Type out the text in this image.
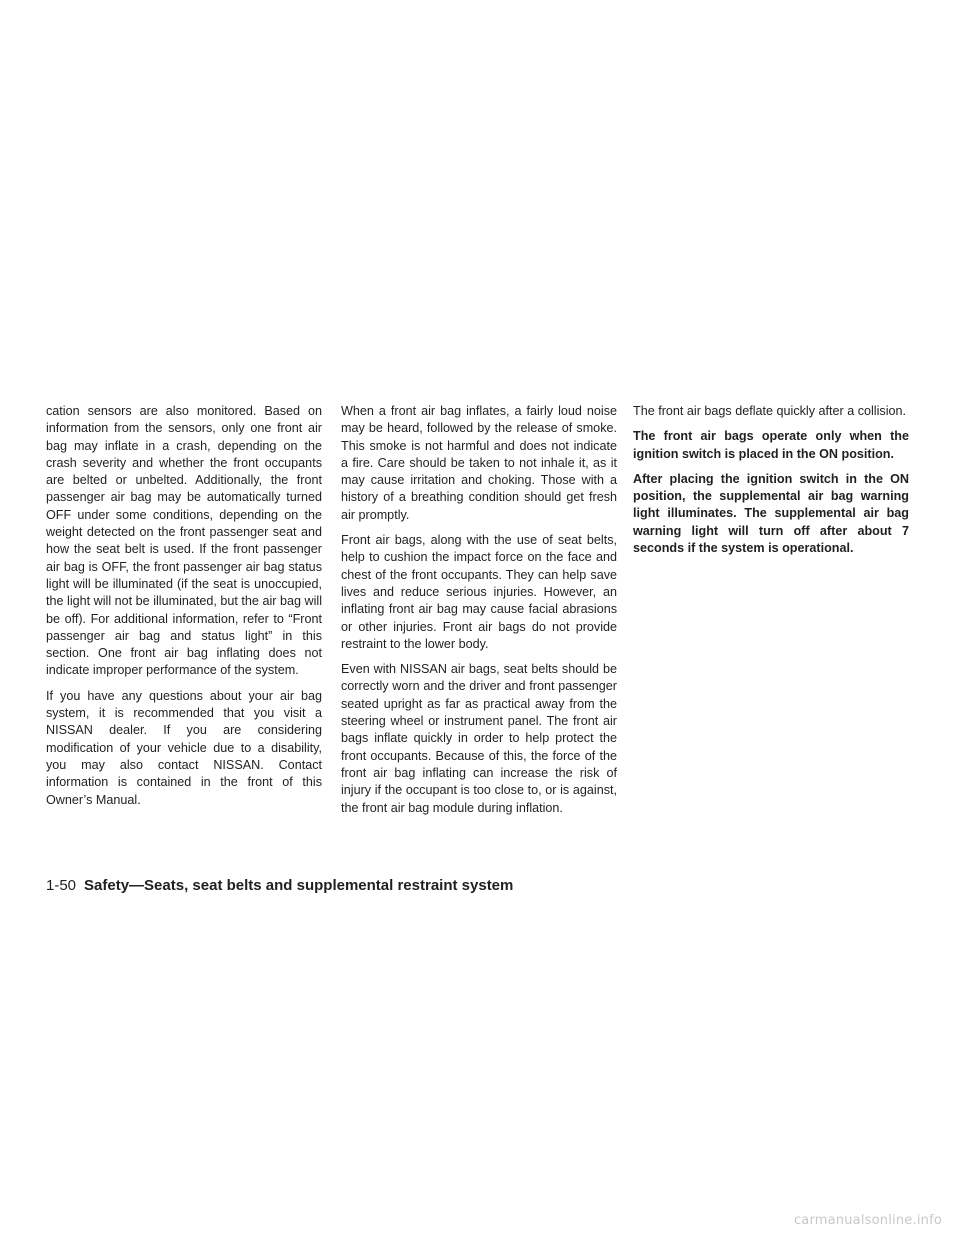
cation sensors are also monitored. Based on information from the sensors, only one front air bag may inflate in a crash, depending on the crash severity and whether the front occupants are belted or unbelted. Additionally, the front passenger air bag may be automatically turned OFF under some conditions, depending on the weight detected on the front passenger seat and how the seat belt is used. If the front passenger air bag is OFF, the front passenger air bag status light will be illuminated (if the seat is unoccupied, the light will not be illuminated, but the air bag will be off). For additional information, refer to “Front passenger air bag and status light” in this section. One front air bag inflating does not indicate improper performance of the system.

If you have any questions about your air bag system, it is recommended that you visit a NISSAN dealer. If you are considering modification of your vehicle due to a disability, you may also contact NISSAN. Contact information is contained in the front of this Owner’s Manual.

When a front air bag inflates, a fairly loud noise may be heard, followed by the release of smoke. This smoke is not harmful and does not indicate a fire. Care should be taken to not inhale it, as it may cause irritation and choking. Those with a history of a breathing condition should get fresh air promptly.

Front air bags, along with the use of seat belts, help to cushion the impact force on the face and chest of the front occupants. They can help save lives and reduce serious injuries. However, an inflating front air bag may cause facial abrasions or other injuries. Front air bags do not provide restraint to the lower body.

Even with NISSAN air bags, seat belts should be correctly worn and the driver and front passenger seated upright as far as practical away from the steering wheel or instrument panel. The front air bags inflate quickly in order to help protect the front occupants. Because of this, the force of the front air bag inflating can increase the risk of injury if the occupant is too close to, or is against, the front air bag module during inflation.

The front air bags deflate quickly after a collision.

The front air bags operate only when the ignition switch is placed in the ON position.

After placing the ignition switch in the ON position, the supplemental air bag warning light illuminates. The supplemental air bag warning light will turn off after about 7 seconds if the system is operational.

1-50 Safety—Seats, seat belts and supplemental restraint system
carmanualsonline.info
